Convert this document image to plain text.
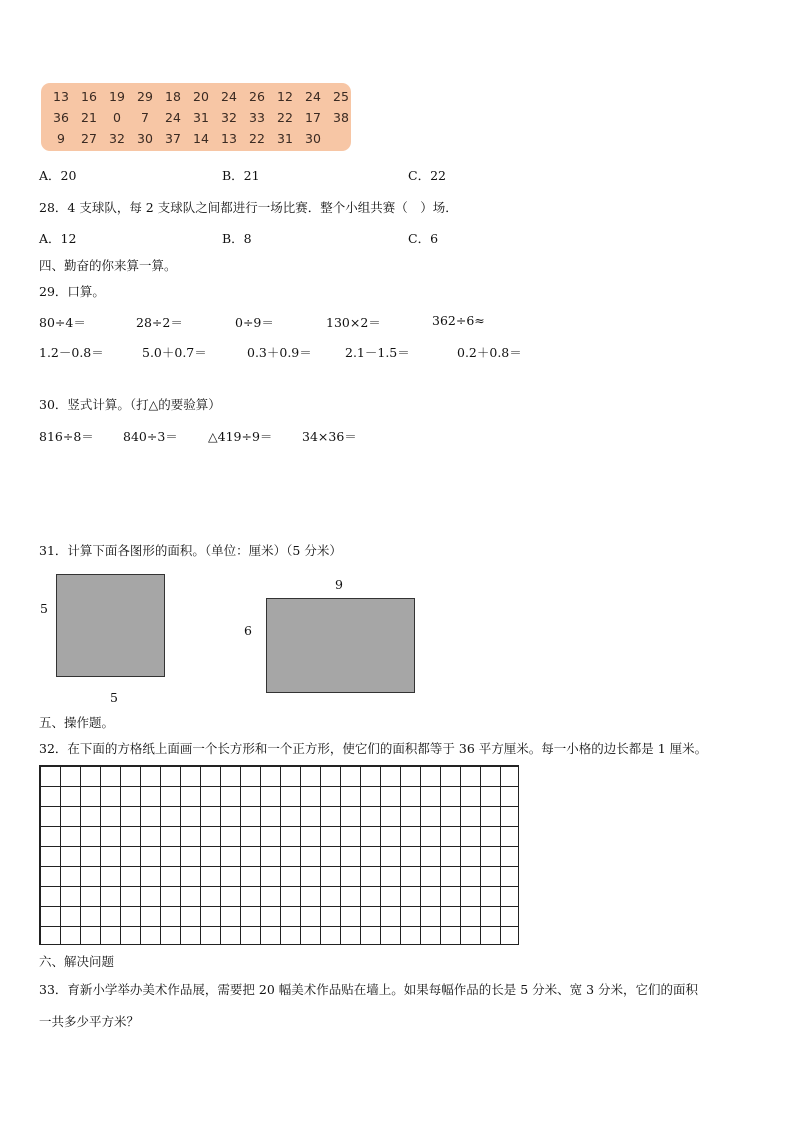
13 16 19 29 18 20 24 26 12 24 25
36 21	0	7	24 31 32 33 22 17 38
9	27 32 30 37 14 13 22 31 30
A．20	B．21	C．22
28．4 支球队，每 2 支球队之间都进行一场比赛．整个小组共赛（　）场．
A．12	B．8	C．6
四、勤奋的你来算一算。
29．口算。
80÷4＝	28÷2＝	0÷9＝	130×2＝	362÷6≈
1.2－0.8＝	5.0＋0.7＝	0.3＋0.9＝	2.1－1.5＝	0.2＋0.8＝
30．竖式计算。（打△的要验算）
816÷8＝ 840÷3＝ △419÷9＝ 34×36＝
31．计算下面各图形的面积。（单位：厘米）（5 分米）
5
5
9
6
五、操作题。
32．在下面的方格纸上面画一个长方形和一个正方形，使它们的面积都等于 36 平方厘米。每一小格的边长都是 1 厘米。
六、解决问题
33．育新小学举办美术作品展，需要把 20 幅美术作品贴在墙上。如果每幅作品的长是 5 分米、宽 3 分米，它们的面积
一共多少平方米？
